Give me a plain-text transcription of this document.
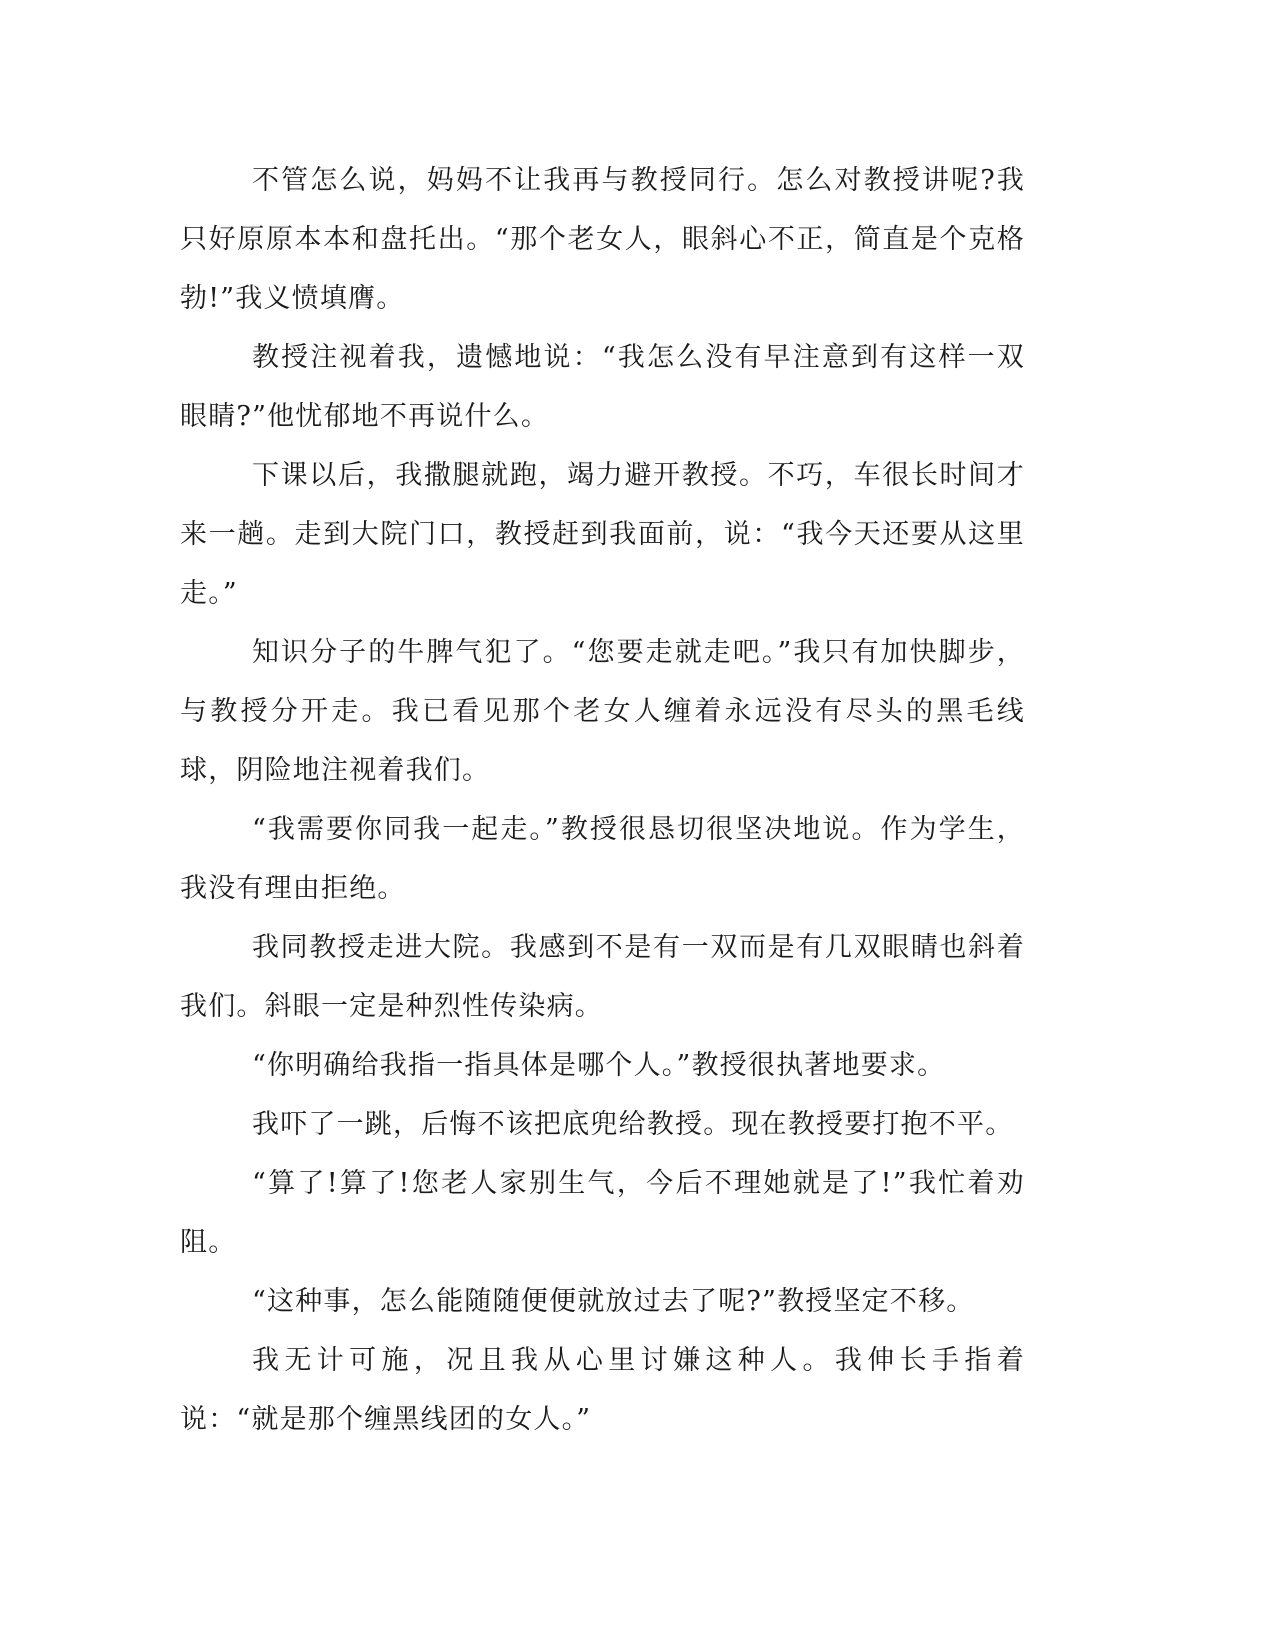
不管怎么说，妈妈不让我再与教授同行。怎么对教授讲呢?我只好原原本本和盘托出。“那个老女人，眼斜心不正，简直是个克格勃!”我义愤填膺。

教授注视着我，遗憾地说：“我怎么没有早注意到有这样一双眼睛?”他忧郁地不再说什么。

下课以后，我撒腿就跑，竭力避开教授。不巧，车很长时间才来一趟。走到大院门口，教授赶到我面前，说：“我今天还要从这里走。”

知识分子的牛脾气犯了。“您要走就走吧。”我只有加快脚步，与教授分开走。我已看见那个老女人缠着永远没有尽头的黑毛线球，阴险地注视着我们。

“我需要你同我一起走。”教授很恳切很坚决地说。作为学生，我没有理由拒绝。

我同教授走进大院。我感到不是有一双而是有几双眼睛也斜着我们。斜眼一定是种烈性传染病。

“你明确给我指一指具体是哪个人。”教授很执著地要求。

我吓了一跳，后悔不该把底兜给教授。现在教授要打抱不平。

“算了!算了!您老人家别生气，今后不理她就是了!”我忙着劝阻。

“这种事，怎么能随随便便就放过去了呢?”教授坚定不移。

我无计可施，况且我从心里讨嫌这种人。我伸长手指着说：“就是那个缠黑线团的女人。”
